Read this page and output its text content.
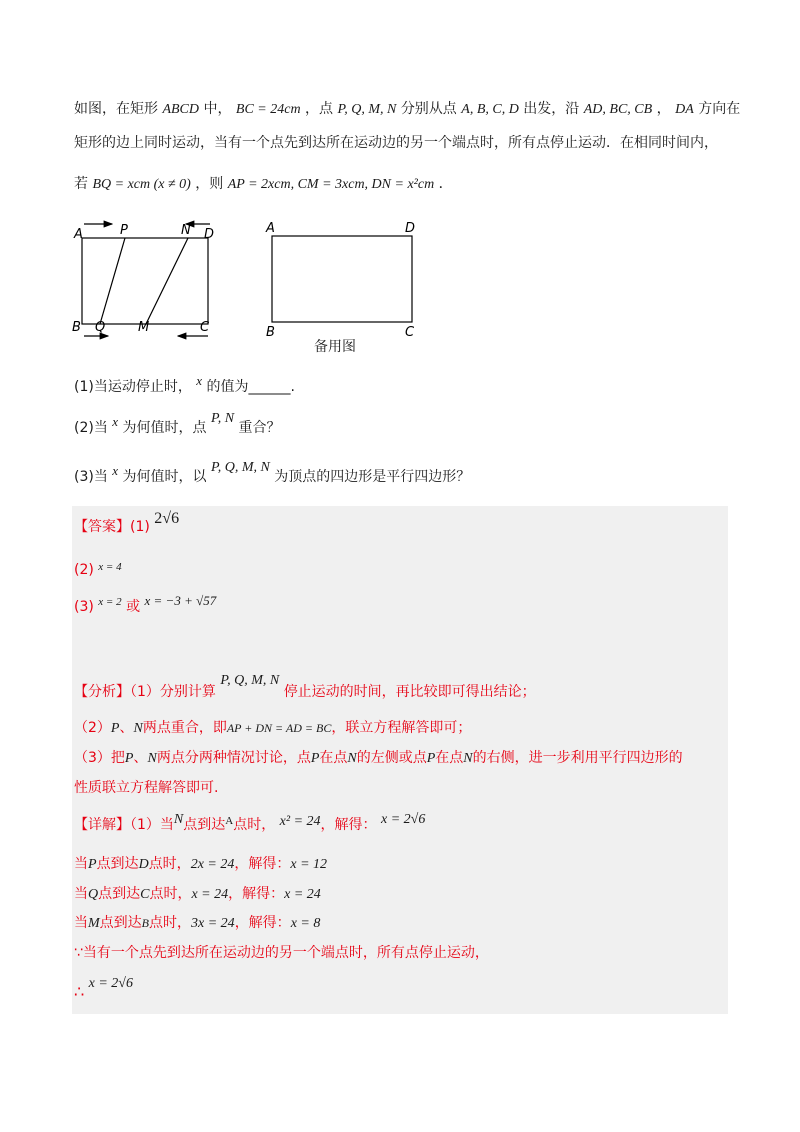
如图，在矩形 ABCD 中， BC = 24cm ，点 P, Q, M, N 分别从点 A, B, C, D 出发，沿 AD, BC, CB ， DA 方向在
矩形的边上同时运动，当有一个点先到达所在运动边的另一个端点时，所有点停止运动．在相同时间内，
若 BQ = xcm (x ≠ 0) ，则 AP = 2xcm, CM = 3xcm, DN = x²cm ．
A	P	N D
B Q	M	C
A	D
B	C
备用图
(1)当运动停止时， x 的值为______.
(2)当 x 为何值时，点 P, N 重合？
(3)当 x 为何值时，以 P, Q, M, N 为顶点的四边形是平行四边形？
【答案】(1) 2√6
(2) $^{x = 4}$
(3) $^{x = 2}$ 或 x = −3 + √57
【分析】（1）分别计算 P, Q, M, N 停止运动的时间，再比较即可得出结论；
（2）P、N两点重合，即AP + DN = AD = BC，联立方程解答即可；
（3）把P、N两点分两种情况讨论，点P在点N的左侧或点P在点N的右侧，进一步利用平行四边形的
性质联立方程解答即可.
【详解】（1）当N点到达$^A$点时， x² = 24，解得： x = 2√6
当P点到达D点时，2x = 24，解得：x = 12
当Q点到达C点时，x = 24，解得：x = 24
当M点到达B点时，3x = 24，解得：x = 8
∵当有一个点先到达所在运动边的另一个端点时，所有点停止运动，
∴ x = 2√6
